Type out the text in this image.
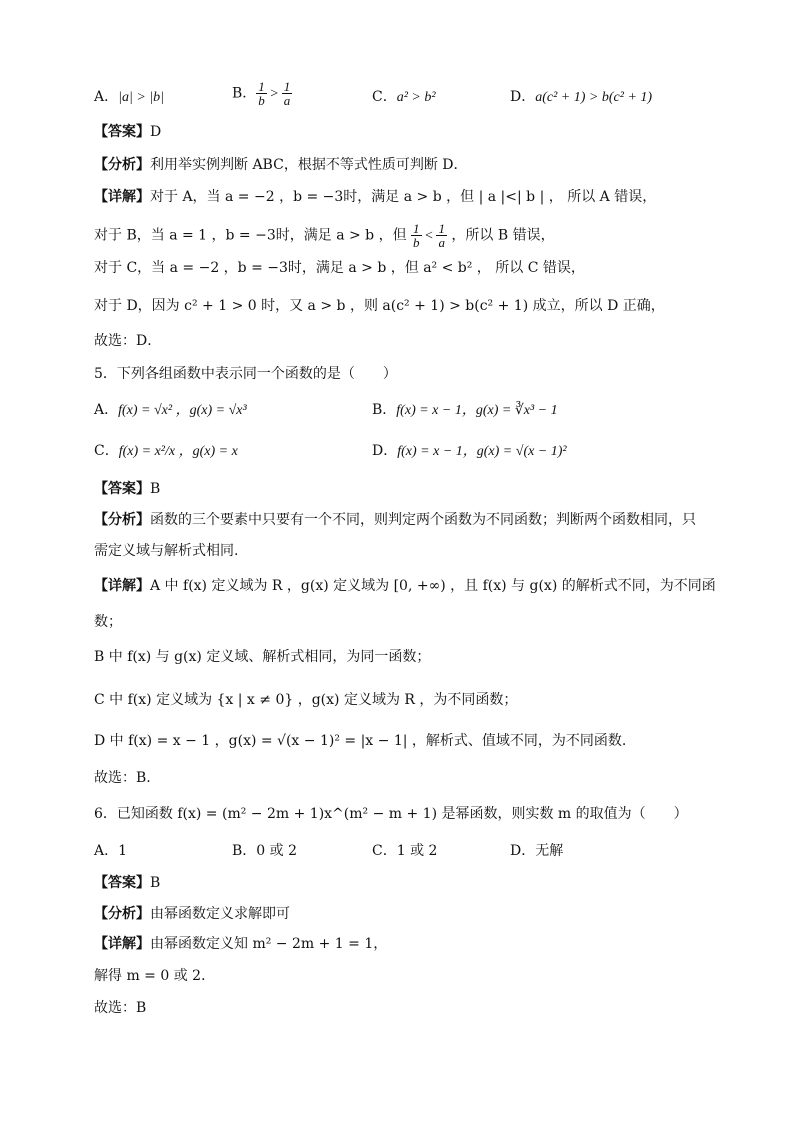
A．|a| > |b|	B． $\frac{1}{b} > \frac{1}{a}$	C．a² > b²	D．a(c² + 1) > b(c² + 1)
【答案】D
【分析】利用举实例判断 ABC，根据不等式性质可判断 D．
【详解】对于 A，当 a = −2 ，b = −3时，满足 a > b ，但 | a |<| b | ， 所以 A 错误，
对于 B，当 a = 1 ，b = −3时，满足 a > b ，但 $\frac{1}{b} < \frac{1}{a}$ ，所以 B 错误，
对于 C，当 a = −2 ，b = −3时，满足 a > b ，但 a² < b² ， 所以 C 错误，
对于 D，因为 c² + 1 > 0 时，又 a > b ，则 a(c² + 1) > b(c² + 1) 成立，所以 D 正确，
故选：D．
5．下列各组函数中表示同一个函数的是（　　）
A．f(x) = √x² ，g(x) = √x³	B．f(x) = x − 1，g(x) = ∛x³ − 1
C．f(x) = x²/x ，g(x) = x	D．f(x) = x − 1，g(x) = √(x − 1)²
【答案】B
【分析】函数的三个要素中只要有一个不同，则判定两个函数为不同函数；判断两个函数相同，只
需定义域与解析式相同.
【详解】A 中 f(x) 定义域为 R ，g(x) 定义域为 [0, +∞) ，且 f(x) 与 g(x) 的解析式不同，为不同函
数；
B 中 f(x) 与 g(x) 定义域、解析式相同，为同一函数；
C 中 f(x) 定义域为 {x | x ≠ 0} ，g(x) 定义域为 R ，为不同函数；
D 中 f(x) = x − 1 ，g(x) = √(x − 1)² = |x − 1| ，解析式、值域不同，为不同函数.
故选：B.
6．已知函数 f(x) = (m² − 2m + 1)x^(m² − m + 1) 是幂函数，则实数 m 的取值为（　　）
A．1	B．0 或 2	C．1 或 2	D．无解
【答案】B
【分析】由幂函数定义求解即可
【详解】由幂函数定义知 m² − 2m + 1 = 1，
解得 m = 0 或 2．
故选：B
